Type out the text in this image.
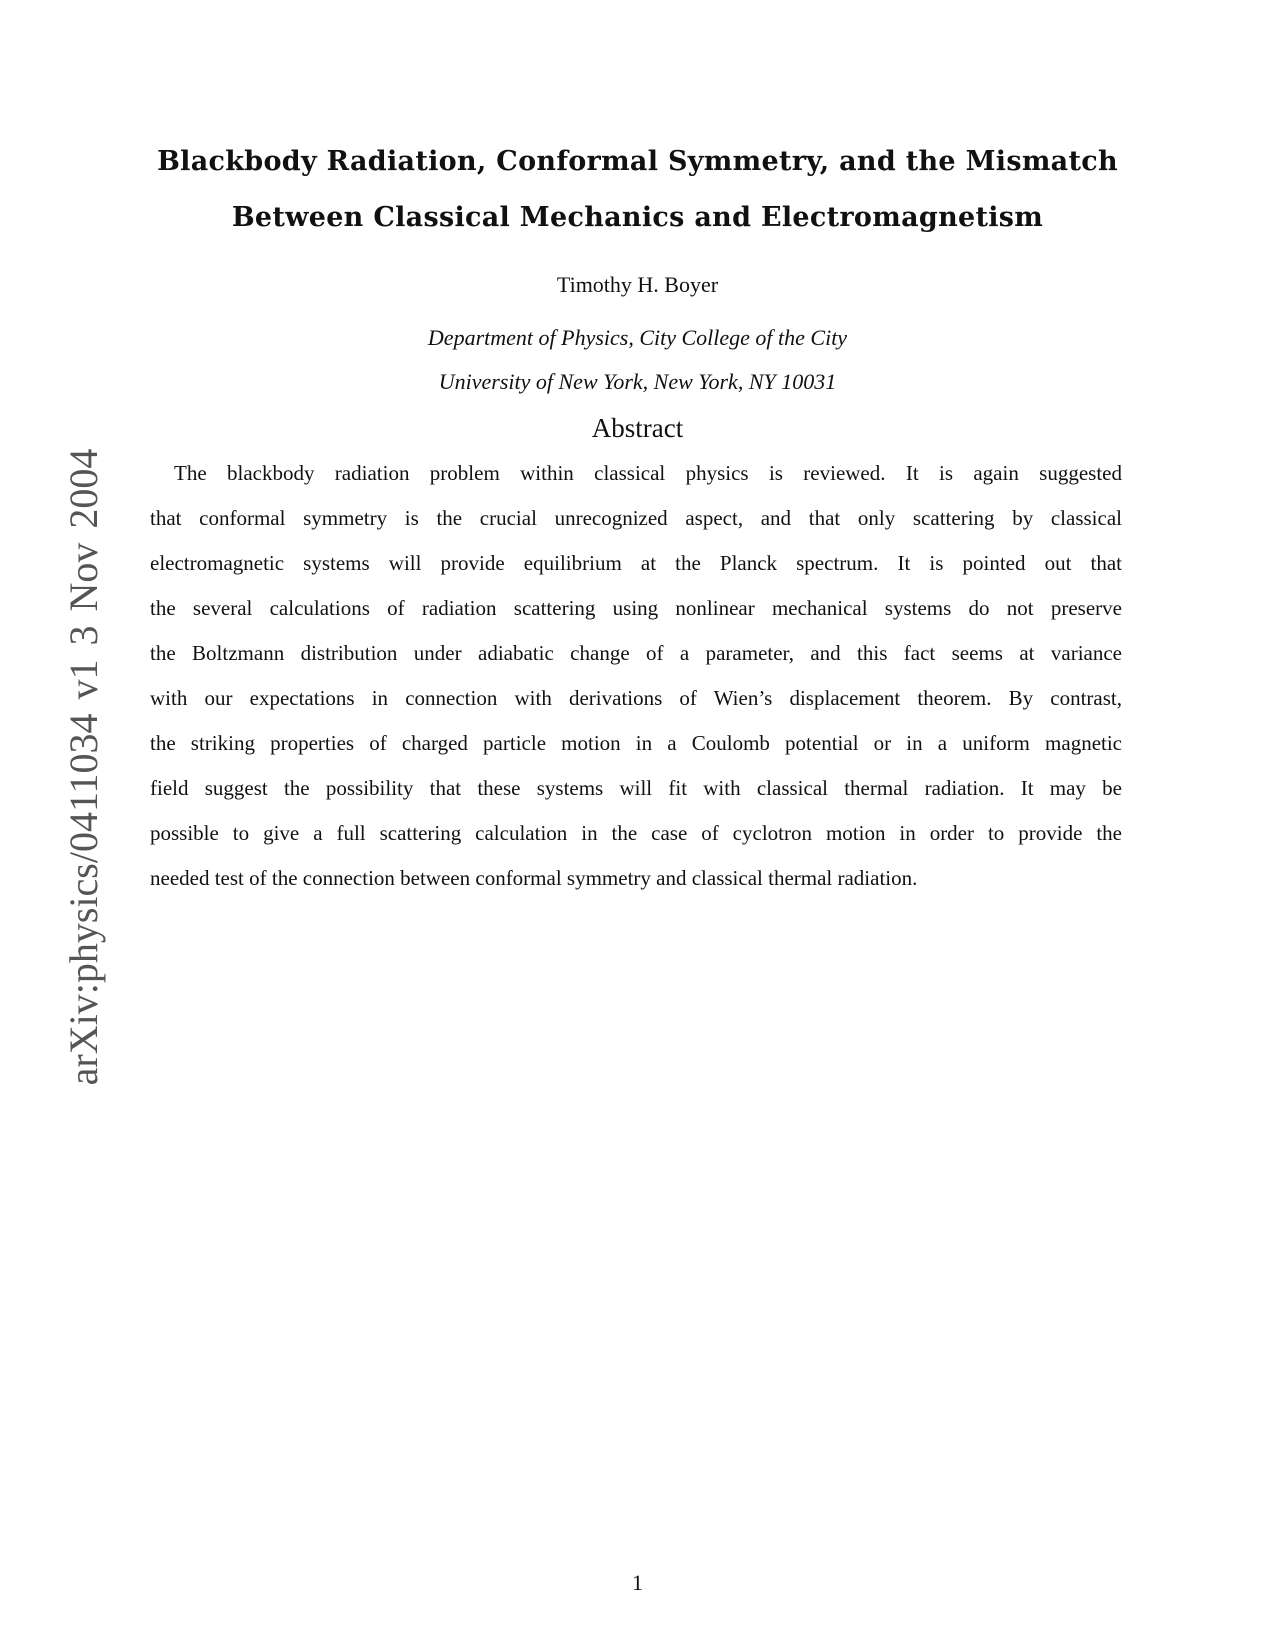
arXiv:physics/0411034 v1 3 Nov 2004
Blackbody Radiation, Conformal Symmetry, and the Mismatch
Between Classical Mechanics and Electromagnetism
Timothy H. Boyer
Department of Physics, City College of the City
University of New York, New York, NY 10031
Abstract
The blackbody radiation problem within classical physics is reviewed. It is again suggested
that conformal symmetry is the crucial unrecognized aspect, and that only scattering by classical
electromagnetic systems will provide equilibrium at the Planck spectrum. It is pointed out that
the several calculations of radiation scattering using nonlinear mechanical systems do not preserve
the Boltzmann distribution under adiabatic change of a parameter, and this fact seems at variance
with our expectations in connection with derivations of Wien’s displacement theorem. By contrast,
the striking properties of charged particle motion in a Coulomb potential or in a uniform magnetic
field suggest the possibility that these systems will fit with classical thermal radiation. It may be
possible to give a full scattering calculation in the case of cyclotron motion in order to provide the
needed test of the connection between conformal symmetry and classical thermal radiation.
1
